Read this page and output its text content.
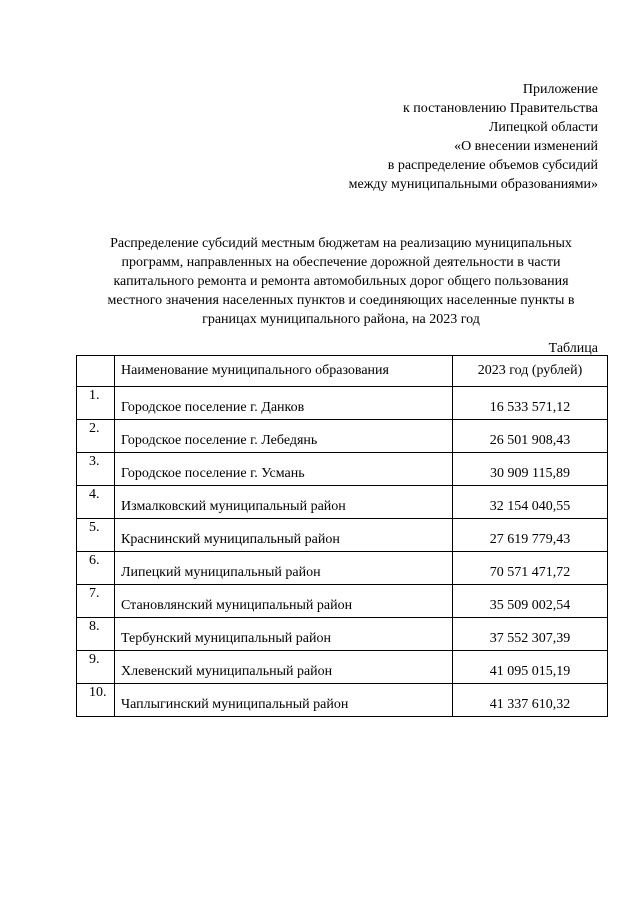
Приложение
к постановлению Правительства
Липецкой области
«О внесении изменений
в распределение объемов субсидий
между муниципальными образованиями»
Распределение субсидий местным бюджетам на реализацию муниципальных
программ, направленных на обеспечение дорожной деятельности в части
капитального ремонта и ремонта автомобильных дорог общего пользования
местного значения населенных пунктов и соединяющих населенные пункты в
границах муниципального района, на 2023 год
Таблица
	Наименование муниципального образования	2023 год (рублей)
1.	Городское поселение г. Данков	16 533 571,12
2.	Городское поселение г. Лебедянь	26 501 908,43
3.	Городское поселение г. Усмань	30 909 115,89
4.	Измалковский муниципальный район	32 154 040,55
5.	Краснинский муниципальный район	27 619 779,43
6.	Липецкий муниципальный район	70 571 471,72
7.	Становлянский муниципальный район	35 509 002,54
8.	Тербунский муниципальный район	37 552 307,39
9.	Хлевенский муниципальный район	41 095 015,19
10.	Чаплыгинский муниципальный район	41 337 610,32
